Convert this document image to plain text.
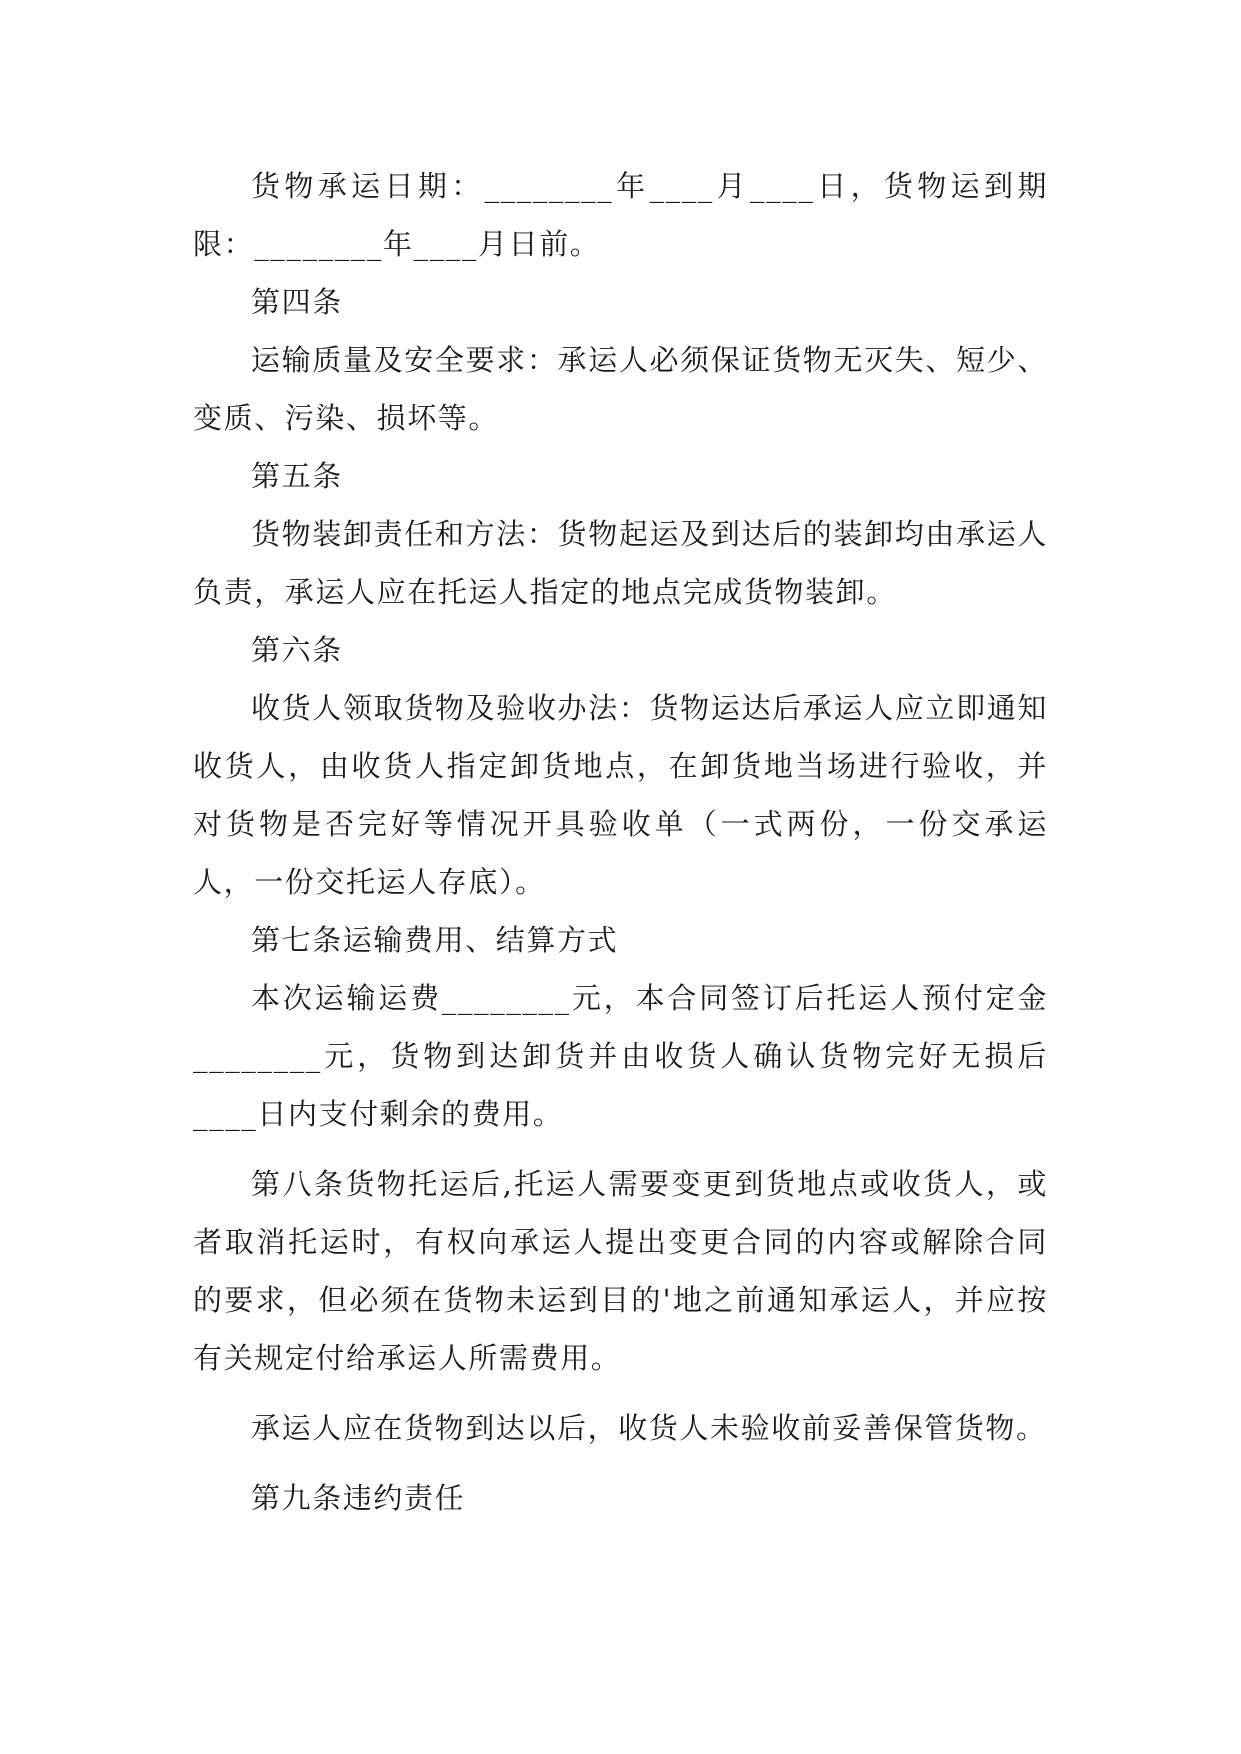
货物承运日期：________年____月____日，货物运到期限：________年____月日前。

第四条

运输质量及安全要求：承运人必须保证货物无灭失、短少、变质、污染、损坏等。

第五条

货物装卸责任和方法：货物起运及到达后的装卸均由承运人负责，承运人应在托运人指定的地点完成货物装卸。

第六条

收货人领取货物及验收办法：货物运达后承运人应立即通知收货人，由收货人指定卸货地点，在卸货地当场进行验收，并对货物是否完好等情况开具验收单（一式两份，一份交承运人，一份交托运人存底）。

第七条运输费用、结算方式

本次运输运费________元，本合同签订后托运人预付定金________元，货物到达卸货并由收货人确认货物完好无损后____日内支付剩余的费用。

第八条货物托运后,托运人需要变更到货地点或收货人，或者取消托运时，有权向承运人提出变更合同的内容或解除合同的要求，但必须在货物未运到目的'地之前通知承运人，并应按有关规定付给承运人所需费用。

承运人应在货物到达以后，收货人未验收前妥善保管货物。

第九条违约责任
